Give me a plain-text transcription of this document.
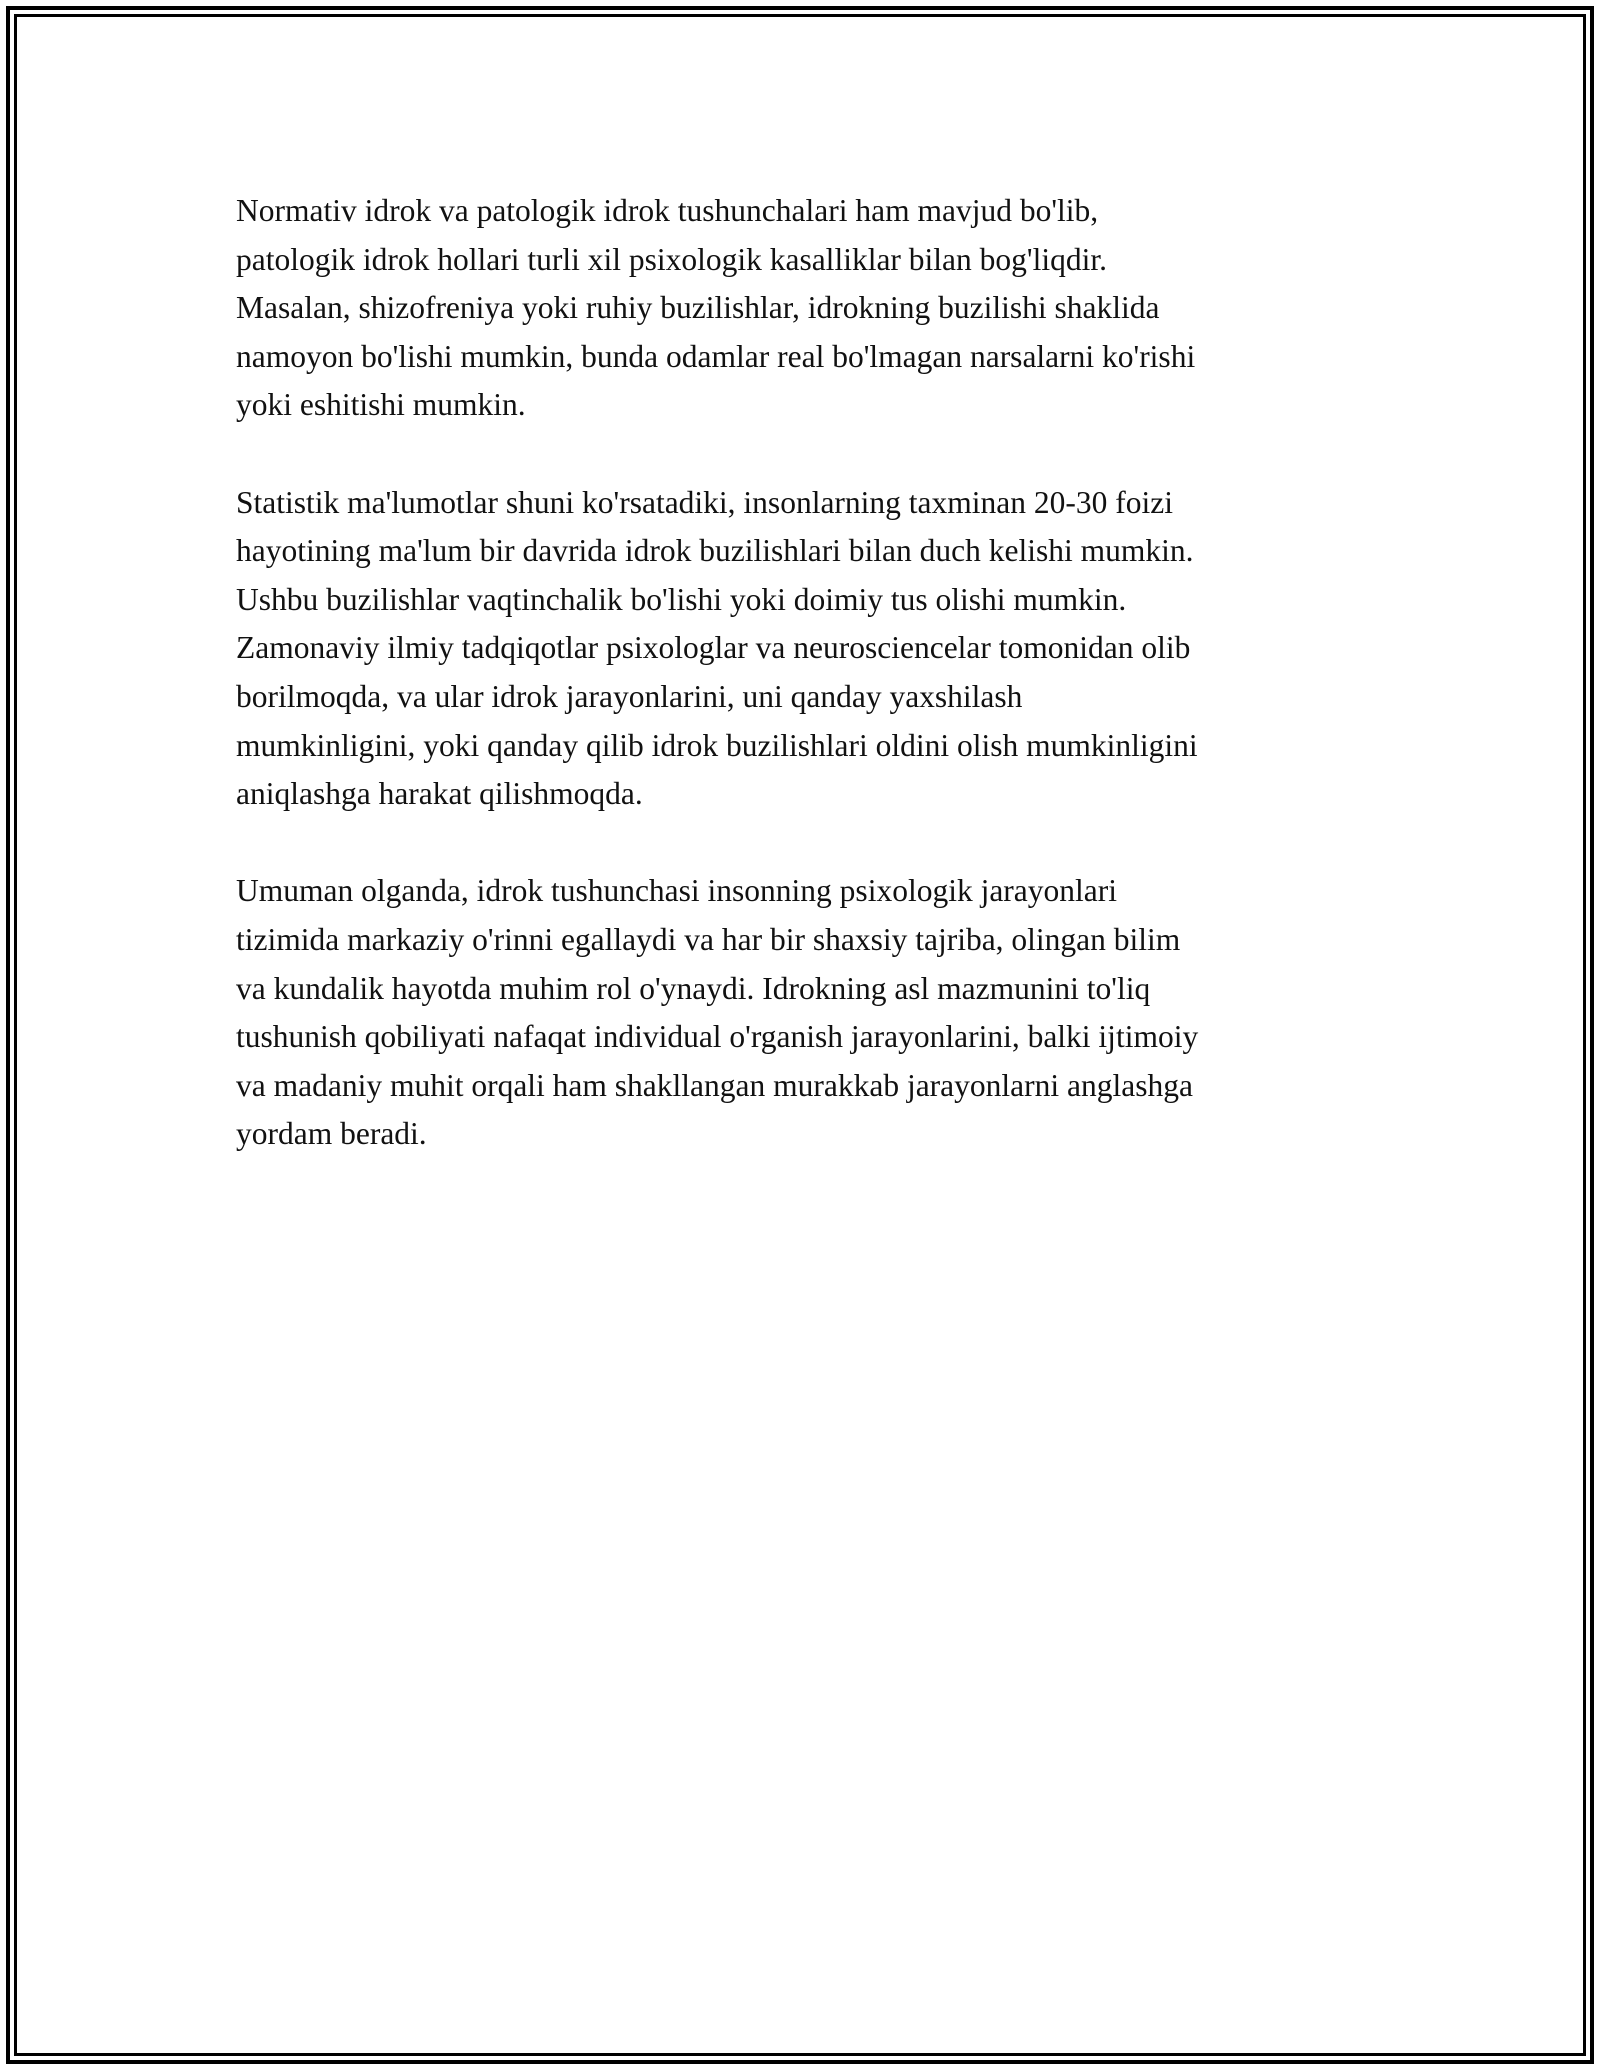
Normativ idrok va patologik idrok tushunchalari ham mavjud bo'lib,
patologik idrok hollari turli xil psixologik kasalliklar bilan bog'liqdir.
Masalan, shizofreniya yoki ruhiy buzilishlar, idrokning buzilishi shaklida
namoyon bo'lishi mumkin, bunda odamlar real bo'lmagan narsalarni ko'rishi
yoki eshitishi mumkin.

Statistik ma'lumotlar shuni ko'rsatadiki, insonlarning taxminan 20-30 foizi
hayotining ma'lum bir davrida idrok buzilishlari bilan duch kelishi mumkin.
Ushbu buzilishlar vaqtinchalik bo'lishi yoki doimiy tus olishi mumkin.
Zamonaviy ilmiy tadqiqotlar psixologlar va neurosciencelar tomonidan olib
borilmoqda, va ular idrok jarayonlarini, uni qanday yaxshilash
mumkinligini, yoki qanday qilib idrok buzilishlari oldini olish mumkinligini
aniqlashga harakat qilishmoqda.

Umuman olganda, idrok tushunchasi insonning psixologik jarayonlari
tizimida markaziy o'rinni egallaydi va har bir shaxsiy tajriba, olingan bilim
va kundalik hayotda muhim rol o'ynaydi. Idrokning asl mazmunini to'liq
tushunish qobiliyati nafaqat individual o'rganish jarayonlarini, balki ijtimoiy
va madaniy muhit orqali ham shakllangan murakkab jarayonlarni anglashga
yordam beradi.
